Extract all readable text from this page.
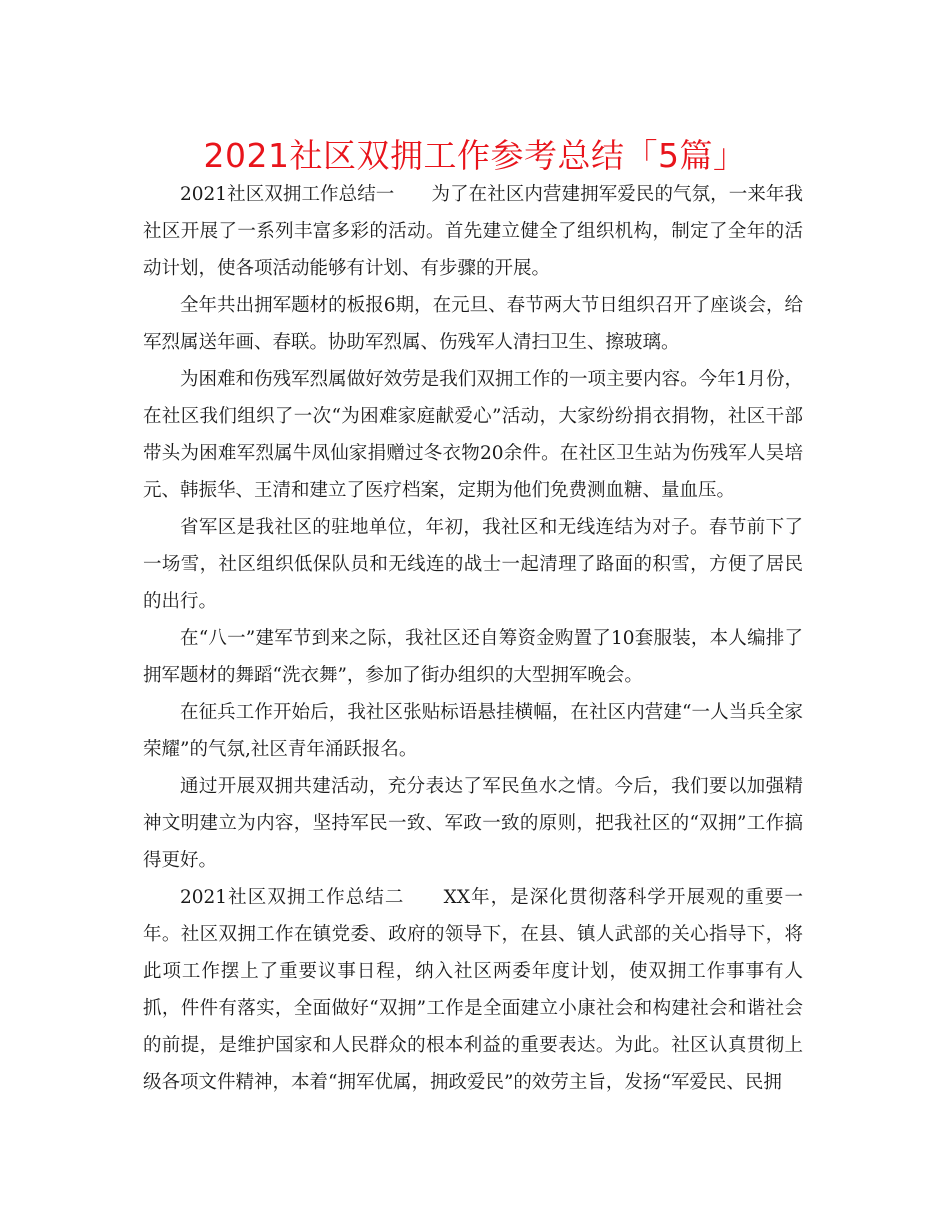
2021社区双拥工作参考总结「5篇」

2021社区双拥工作总结一　　为了在社区内营建拥军爱民的气氛，一来年我社区开展了一系列丰富多彩的活动。首先建立健全了组织机构，制定了全年的活动计划，使各项活动能够有计划、有步骤的开展。

全年共出拥军题材的板报6期，在元旦、春节两大节日组织召开了座谈会，给军烈属送年画、春联。协助军烈属、伤残军人清扫卫生、擦玻璃。

为困难和伤残军烈属做好效劳是我们双拥工作的一项主要内容。今年1月份，在社区我们组织了一次“为困难家庭献爱心”活动，大家纷纷捐衣捐物，社区干部带头为困难军烈属牛凤仙家捐赠过冬衣物20余件。在社区卫生站为伤残军人吴培元、韩振华、王清和建立了医疗档案，定期为他们免费测血糖、量血压。

省军区是我社区的驻地单位，年初，我社区和无线连结为对子。春节前下了一场雪，社区组织低保队员和无线连的战士一起清理了路面的积雪，方便了居民的出行。

在“八一”建军节到来之际，我社区还自筹资金购置了10套服装，本人编排了拥军题材的舞蹈“洗衣舞”，参加了街办组织的大型拥军晚会。

在征兵工作开始后，我社区张贴标语悬挂横幅，在社区内营建“一人当兵全家荣耀”的气氛,社区青年涌跃报名。

通过开展双拥共建活动，充分表达了军民鱼水之情。今后，我们要以加强精神文明建立为内容，坚持军民一致、军政一致的原则，把我社区的“双拥”工作搞得更好。

2021社区双拥工作总结二　　XX年，是深化贯彻落科学开展观的重要一年。社区双拥工作在镇党委、政府的领导下，在县、镇人武部的关心指导下，将此项工作摆上了重要议事日程，纳入社区两委年度计划，使双拥工作事事有人抓，件件有落实，全面做好“双拥”工作是全面建立小康社会和构建社会和谐社会的前提，是维护国家和人民群众的根本利益的重要表达。为此。社区认真贯彻上级各项文件精神，本着“拥军优属，拥政爱民”的效劳主旨，发扬“军爱民、民拥
